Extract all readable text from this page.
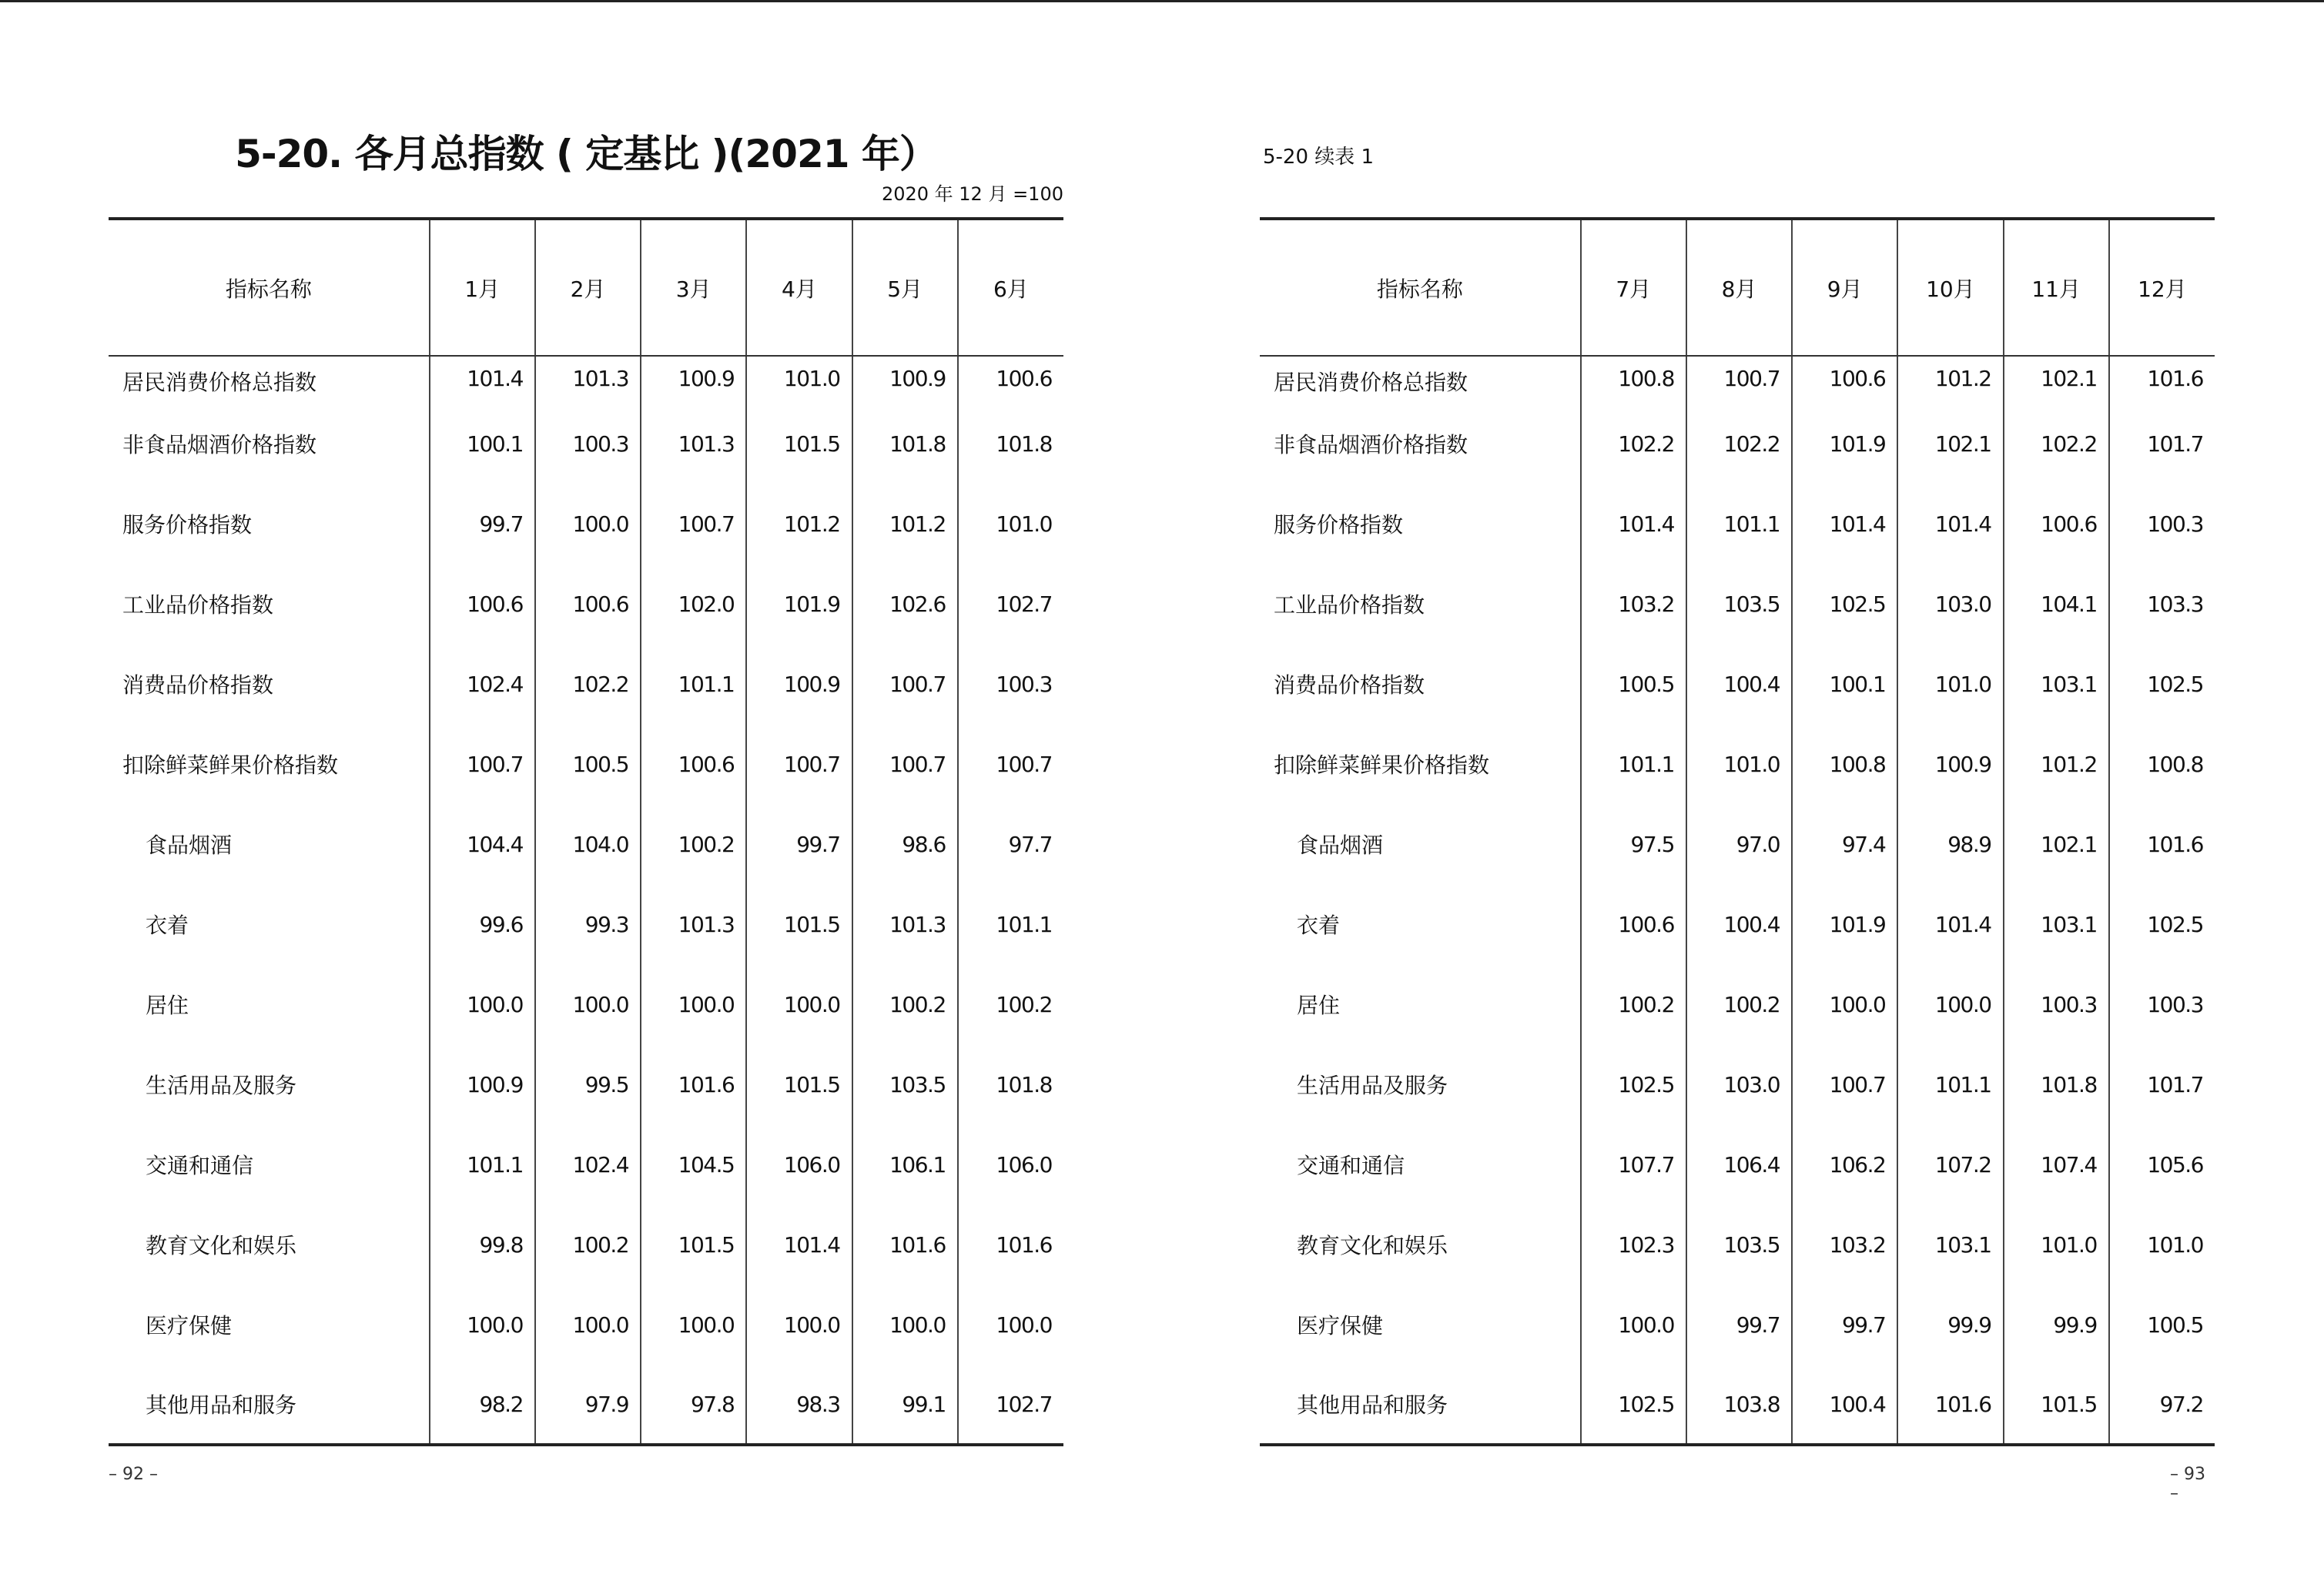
5-20. 各月总指数 ( 定基比 )(2021 年）
2020 年 12 月 =100
指标名称	1月	2月	3月	4月	5月	6月
居民消费价格总指数	101.4	101.3	100.9	101.0	100.9	100.6
非食品烟酒价格指数	100.1	100.3	101.3	101.5	101.8	101.8
服务价格指数	99.7	100.0	100.7	101.2	101.2	101.0
工业品价格指数	100.6	100.6	102.0	101.9	102.6	102.7
消费品价格指数	102.4	102.2	101.1	100.9	100.7	100.3
扣除鲜菜鲜果价格指数	100.7	100.5	100.6	100.7	100.7	100.7
食品烟酒	104.4	104.0	100.2	99.7	98.6	97.7
衣着	99.6	99.3	101.3	101.5	101.3	101.1
居住	100.0	100.0	100.0	100.0	100.2	100.2
生活用品及服务	100.9	99.5	101.6	101.5	103.5	101.8
交通和通信	101.1	102.4	104.5	106.0	106.1	106.0
教育文化和娱乐	99.8	100.2	101.5	101.4	101.6	101.6
医疗保健	100.0	100.0	100.0	100.0	100.0	100.0
其他用品和服务	98.2	97.9	97.8	98.3	99.1	102.7
– 92 –
5-20 续表 1
指标名称	7月	8月	9月	10月	11月	12月
居民消费价格总指数	100.8	100.7	100.6	101.2	102.1	101.6
非食品烟酒价格指数	102.2	102.2	101.9	102.1	102.2	101.7
服务价格指数	101.4	101.1	101.4	101.4	100.6	100.3
工业品价格指数	103.2	103.5	102.5	103.0	104.1	103.3
消费品价格指数	100.5	100.4	100.1	101.0	103.1	102.5
扣除鲜菜鲜果价格指数	101.1	101.0	100.8	100.9	101.2	100.8
食品烟酒	97.5	97.0	97.4	98.9	102.1	101.6
衣着	100.6	100.4	101.9	101.4	103.1	102.5
居住	100.2	100.2	100.0	100.0	100.3	100.3
生活用品及服务	102.5	103.0	100.7	101.1	101.8	101.7
交通和通信	107.7	106.4	106.2	107.2	107.4	105.6
教育文化和娱乐	102.3	103.5	103.2	103.1	101.0	101.0
医疗保健	100.0	99.7	99.7	99.9	99.9	100.5
其他用品和服务	102.5	103.8	100.4	101.6	101.5	97.2
– 93 –
